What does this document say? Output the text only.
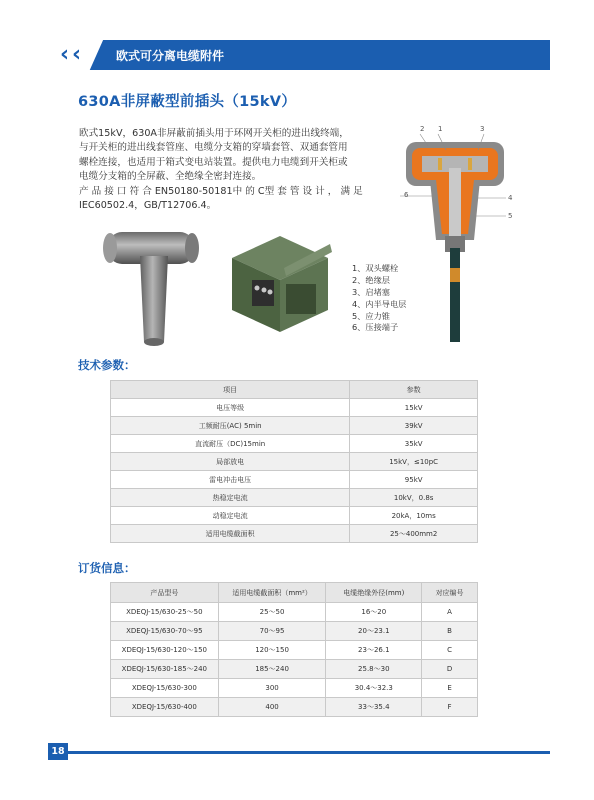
‹ ‹	欧式可分离电缆附件
630A非屏蔽型前插头（15kV）

欧式15kV，630A非屏蔽前插头用于环网开关柜的进出线终端，

与开关柜的进出线套管座、电缆分支箱的穿墙套管、双通套管用

螺栓连接，也适用于箱式变电站装置。提供电力电缆到开关柜或

电缆分支箱的全屏蔽、全绝缘全密封连接。

产 品 接 口 符 合 EN50180-50181中 的 C型 套 管 设 计 ， 满 足

IEC60502.4，GB/T12706.4。

1、双头螺栓
2、绝缘层
3、启堵塞
4、内半导电层
5、应力锥
6、压接端子
2 1	3
6	4
5
技术参数：
项目	参数
电压等级	15kV
工频耐压(AC) 5min	39kV
直流耐压（DC)15min	35kV
局部放电	15kV，≤10pC
雷电冲击电压	95kV
热稳定电流	10kV，0.8s
动稳定电流	20kA，10ms
适用电缆截面积	25～400mm2
订货信息：
产品型号	适用电缆截面积（mm²）	电缆绝缘外径(mm)	对应编号
XDEQJ-15/630-25～50	25～50	16～20	A
XDEQJ-15/630-70～95	70～95	20～23.1	B
XDEQJ-15/630-120～150	120～150	23～26.1	C
XDEQJ-15/630-185～240	185～240	25.8～30	D
XDEQJ-15/630-300	300	30.4～32.3	E
XDEQJ-15/630-400	400	33～35.4	F
18
